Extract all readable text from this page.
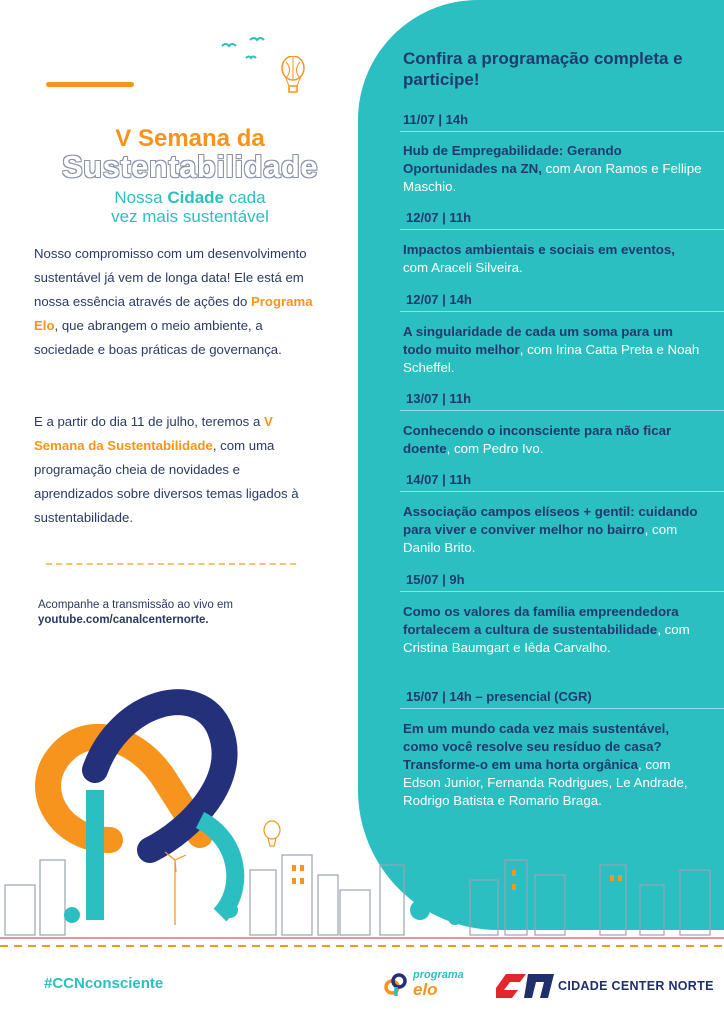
V Semana da
Sustentabilidade
Nossa Cidade cada
vez mais sustentável
Nosso compromisso com um desenvolvimento sustentável já vem de longa data! Ele está em nossa essência através de ações do Programa Elo, que abrangem o meio ambiente, a sociedade e boas práticas de governança.
E a partir do dia 11 de julho, teremos a V Semana da Sustentabilidade, com uma programação cheia de novidades e aprendizados sobre diversos temas ligados à sustentabilidade.
Acompanhe a transmissão ao vivo em
youtube.com/canalcenternorte.
#CCNconsciente	programa
elo	CIDADE CENTER NORTE
Confira a programação completa e participe!
11/07 | 14h
Hub de Empregabilidade: Gerando Oportunidades na ZN, com Aron Ramos e Fellipe Maschio.
12/07 | 11h
Impactos ambientais e sociais em eventos, com Araceli Silveira.
12/07 | 14h
A singularidade de cada um soma para um todo muito melhor, com Irina Catta Preta e Noah Scheffel.
13/07 | 11h
Conhecendo o inconsciente para não ficar doente, com Pedro Ivo.
14/07 | 11h
Associação campos elíseos + gentil: cuidando para viver e conviver melhor no bairro, com Danilo Brito.
15/07 | 9h
Como os valores da família empreendedora fortalecem a cultura de sustentabilidade, com Cristina Baumgart e Iêda Carvalho.
15/07 | 14h – presencial (CGR)
Em um mundo cada vez mais sustentável, como você resolve seu resíduo de casa? Transforme-o em uma horta orgânica, com Edson Junior, Fernanda Rodrigues, Le Andrade, Rodrigo Batista e Romario Braga.
